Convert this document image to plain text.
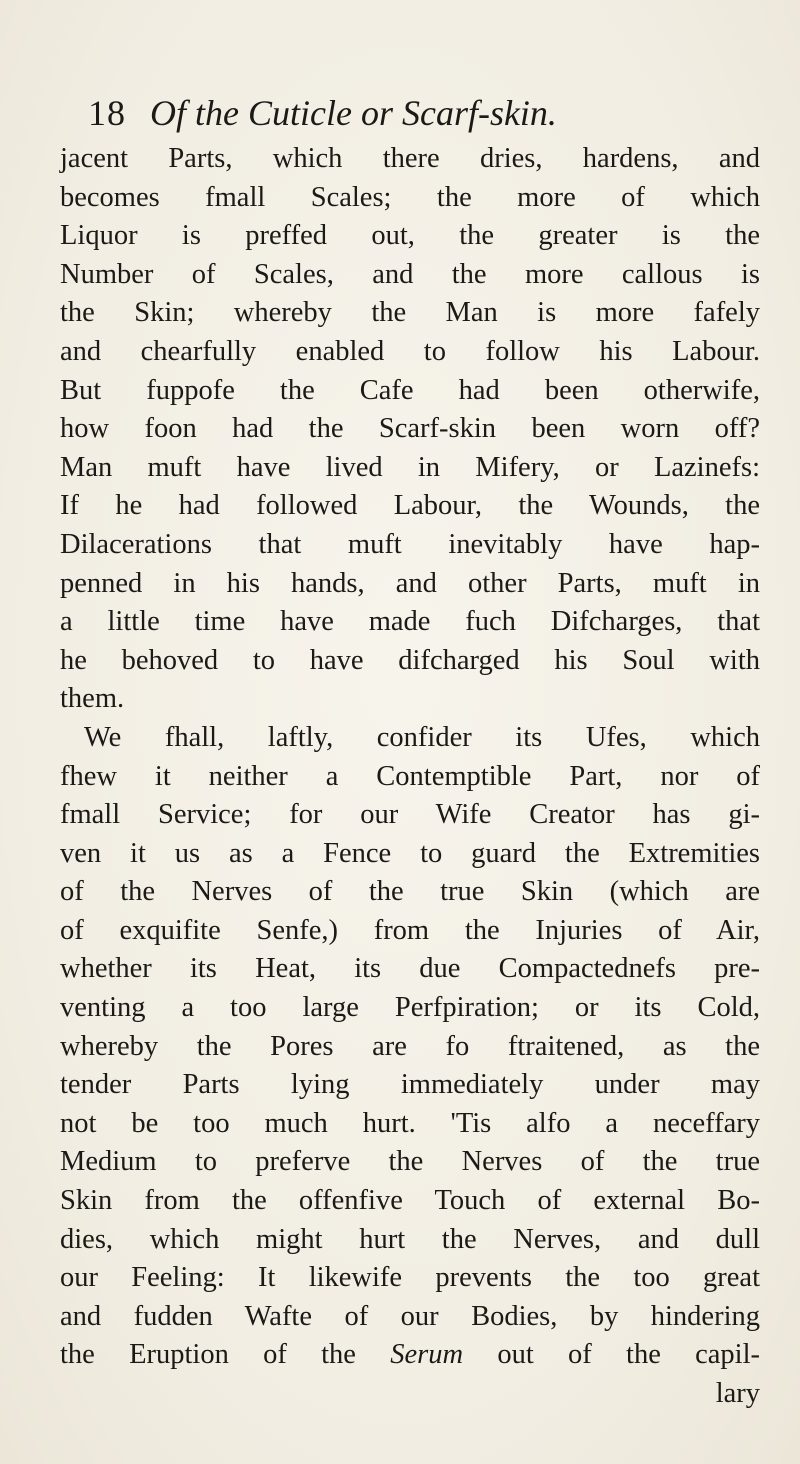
18 Of the Cuticle or Scarf-skin.
jacent Parts, which there dries, hardens, and
becomes fmall Scales; the more of which
Liquor is preffed out, the greater is the
Number of Scales, and the more callous is
the Skin; whereby the Man is more fafely
and chearfully enabled to follow his Labour.
But fuppofe the Cafe had been otherwife,
how foon had the Scarf-skin been worn off?
Man muft have lived in Mifery, or Lazinefs:
If he had followed Labour, the Wounds, the
Dilacerations that muft inevitably have hap-
penned in his hands, and other Parts, muft in
a little time have made fuch Difcharges, that
he behoved to have difcharged his Soul with
them.
We fhall, laftly, confider its Ufes, which
fhew it neither a Contemptible Part, nor of
fmall Service; for our Wife Creator has gi-
ven it us as a Fence to guard the Extremities
of the Nerves of the true Skin (which are
of exquifite Senfe,) from the Injuries of Air,
whether its Heat, its due Compactednefs pre-
venting a too large Perfpiration; or its Cold,
whereby the Pores are fo ftraitened, as the
tender Parts lying immediately under may
not be too much hurt. 'Tis alfo a neceffary
Medium to preferve the Nerves of the true
Skin from the offenfive Touch of external Bo-
dies, which might hurt the Nerves, and dull
our Feeling: It likewife prevents the too great
and fudden Wafte of our Bodies, by hindering
the Eruption of the Serum out of the capil-
lary
